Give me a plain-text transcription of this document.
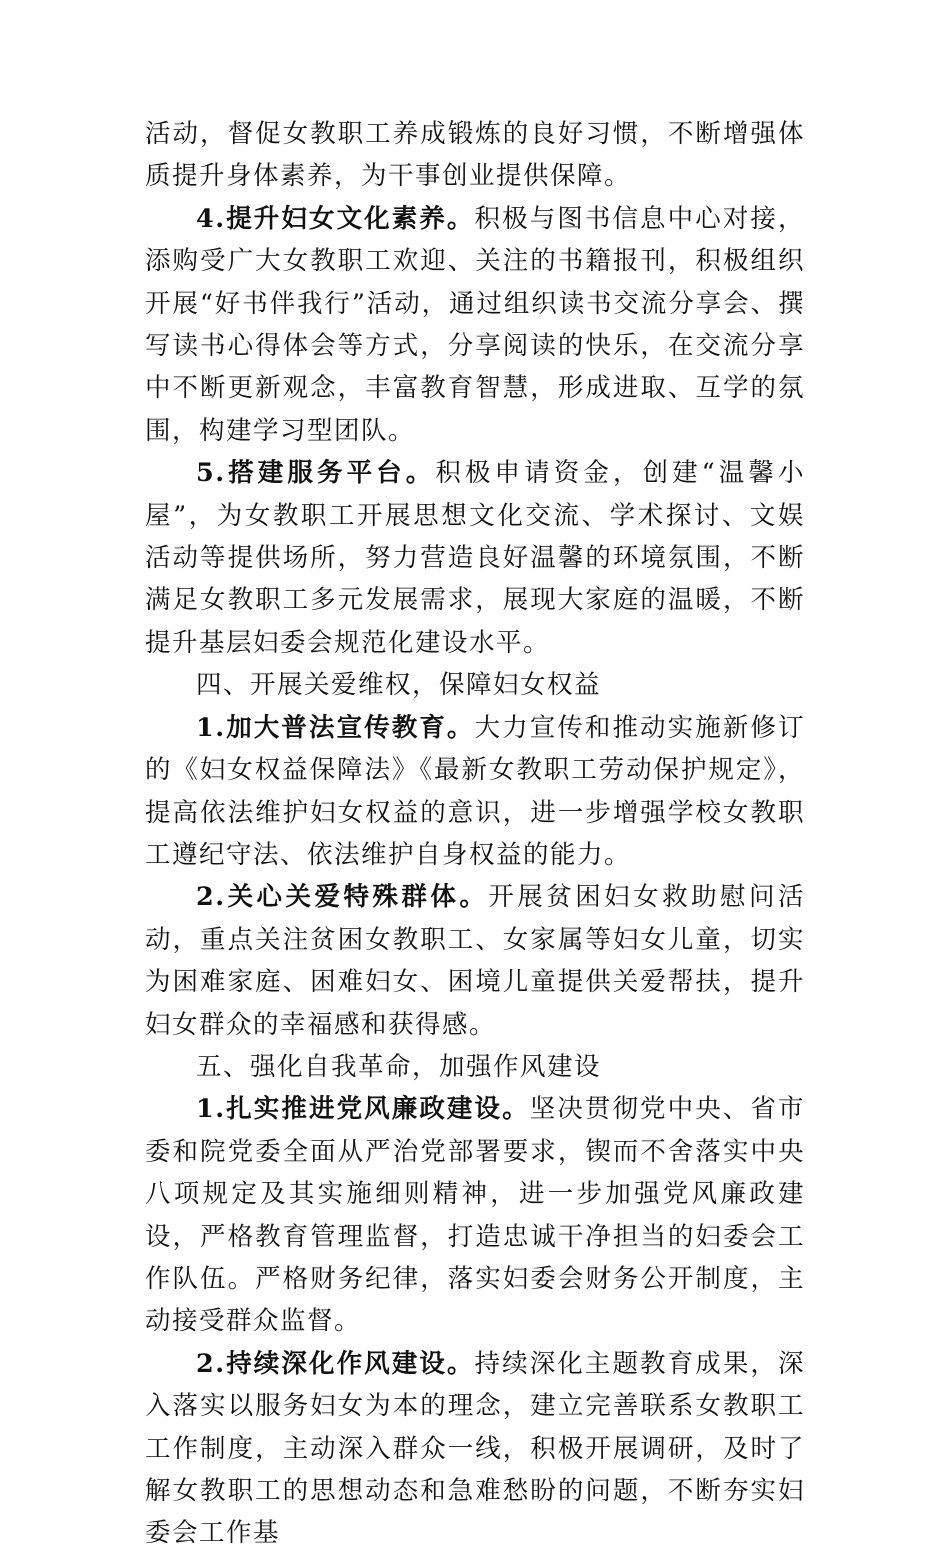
活动，督促女教职工养成锻炼的良好习惯，不断增强体质提升身体素养，为干事创业提供保障。

4.提升妇女文化素养。积极与图书信息中心对接，添购受广大女教职工欢迎、关注的书籍报刊，积极组织开展“好书伴我行”活动，通过组织读书交流分享会、撰写读书心得体会等方式，分享阅读的快乐，在交流分享中不断更新观念，丰富教育智慧，形成进取、互学的氛围，构建学习型团队。

5.搭建服务平台。积极申请资金，创建“温馨小屋”，为女教职工开展思想文化交流、学术探讨、文娱活动等提供场所，努力营造良好温馨的环境氛围，不断满足女教职工多元发展需求，展现大家庭的温暖，不断提升基层妇委会规范化建设水平。

四、开展关爱维权，保障妇女权益

1.加大普法宣传教育。大力宣传和推动实施新修订的《妇女权益保障法》《最新女教职工劳动保护规定》，提高依法维护妇女权益的意识，进一步增强学校女教职工遵纪守法、依法维护自身权益的能力。

2.关心关爱特殊群体。开展贫困妇女救助慰问活动，重点关注贫困女教职工、女家属等妇女儿童，切实为困难家庭、困难妇女、困境儿童提供关爱帮扶，提升妇女群众的幸福感和获得感。

五、强化自我革命，加强作风建设

1.扎实推进党风廉政建设。坚决贯彻党中央、省市委和院党委全面从严治党部署要求，锲而不舍落实中央八项规定及其实施细则精神，进一步加强党风廉政建设，严格教育管理监督，打造忠诚干净担当的妇委会工作队伍。严格财务纪律，落实妇委会财务公开制度，主动接受群众监督。

2.持续深化作风建设。持续深化主题教育成果，深入落实以服务妇女为本的理念，建立完善联系女教职工工作制度，主动深入群众一线，积极开展调研，及时了解女教职工的思想动态和急难愁盼的问题，不断夯实妇委会工作基
